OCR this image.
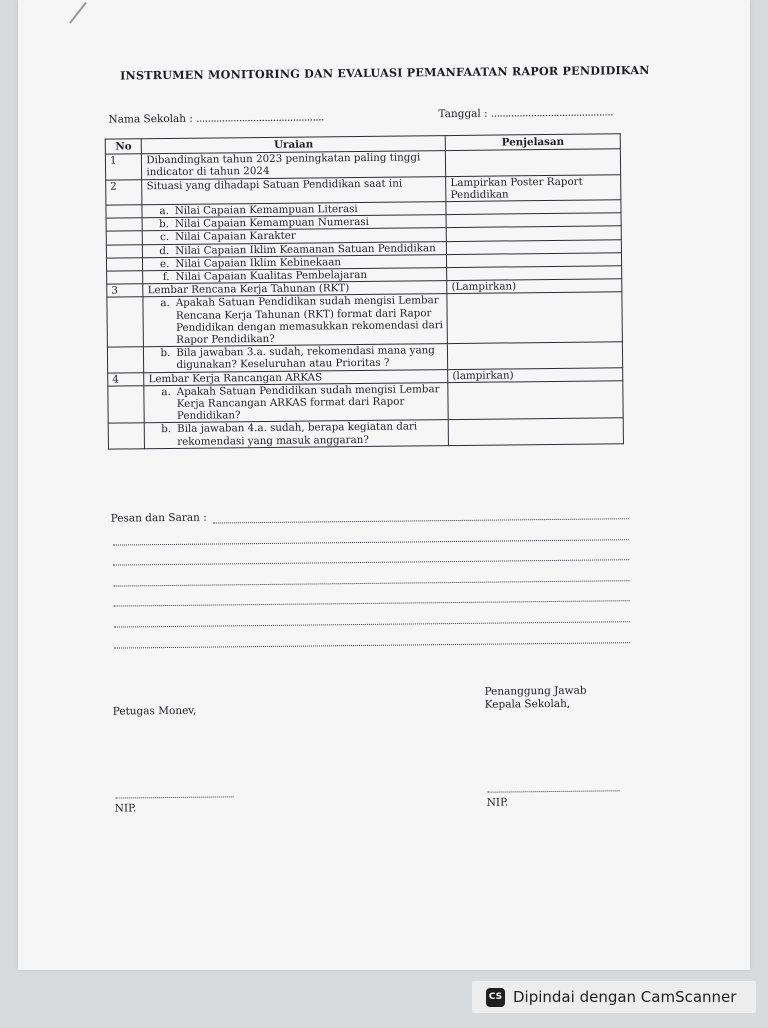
INSTRUMEN MONITORING DAN EVALUASI PEMANFAATAN RAPOR PENDIDIKAN
Nama Sekolah : .............................................	Tanggal : ...........................................
No	Uraian	Penjelasan
1	Dibandingkan tahun 2023 peningkatan paling tinggi indicator di tahun 2024	
2	Situasi yang dihadapi Satuan Pendidikan saat ini	Lampirkan Poster Raport Pendidikan

	a. Nilai Capaian Kemampuan Literasi	

	b. Nilai Capaian Kemampuan Numerasi	

	c. Nilai Capaian Karakter	

	d. Nilai Capaian Iklim Keamanan Satuan Pendidikan	

	e. Nilai Capaian Iklim Kebinekaan	

	f. Nilai Capaian Kualitas Pembelajaran	

3	Lembar Rencana Kerja Tahunan (RKT)	(Lampirkan)

	a. Apakah Satuan Pendidikan sudah mengisi Lembar Rencana Kerja Tahunan (RKT) format dari Rapor Pendidikan dengan memasukkan rekomendasi dari Rapor Pendidikan?	

	b. Bila jawaban 3.a. sudah, rekomendasi mana yang digunakan? Keseluruhan atau Prioritas ?	

4	Lembar Kerja Rancangan ARKAS	(lampirkan)

	a. Apakah Satuan Pendidikan sudah mengisi Lembar Kerja Rancangan ARKAS format dari Rapor Pendidikan?	

	b. Bila jawaban 4.a. sudah, berapa kegiatan dari rekomendasi yang masuk anggaran?	

Pesan dan Saran :
Petugas Monev,
Penanggung Jawab
Kepala Sekolah,
NIP.	NIP.
CS Dipindai dengan CamScanner
